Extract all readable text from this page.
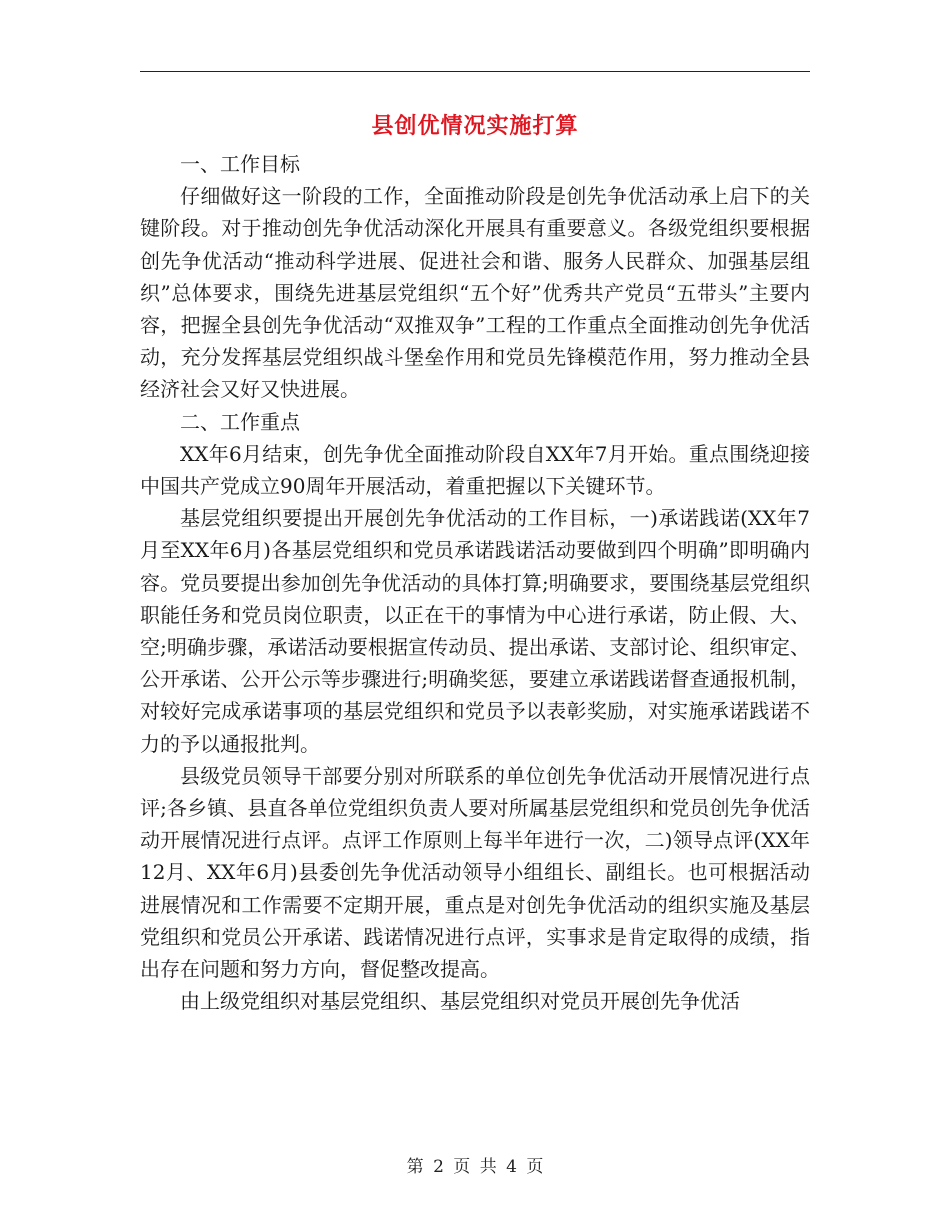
县创优情况实施打算

一、工作目标

仔细做好这一阶段的工作，全面推动阶段是创先争优活动承上启下的关键阶段。对于推动创先争优活动深化开展具有重要意义。各级党组织要根据创先争优活动“推动科学进展、促进社会和谐、服务人民群众、加强基层组织”总体要求，围绕先进基层党组织“五个好”优秀共产党员“五带头”主要内容，把握全县创先争优活动“双推双争”工程的工作重点全面推动创先争优活动，充分发挥基层党组织战斗堡垒作用和党员先锋模范作用，努力推动全县经济社会又好又快进展。

二、工作重点

XX年6月结束，创先争优全面推动阶段自XX年7月开始。重点围绕迎接中国共产党成立90周年开展活动，着重把握以下关键环节。

基层党组织要提出开展创先争优活动的工作目标，一)承诺践诺(XX年7月至XX年6月)各基层党组织和党员承诺践诺活动要做到四个明确”即明确内容。党员要提出参加创先争优活动的具体打算;明确要求，要围绕基层党组织职能任务和党员岗位职责，以正在干的事情为中心进行承诺，防止假、大、空;明确步骤，承诺活动要根据宣传动员、提出承诺、支部讨论、组织审定、公开承诺、公开公示等步骤进行;明确奖惩，要建立承诺践诺督查通报机制，对较好完成承诺事项的基层党组织和党员予以表彰奖励，对实施承诺践诺不力的予以通报批判。

县级党员领导干部要分别对所联系的单位创先争优活动开展情况进行点评;各乡镇、县直各单位党组织负责人要对所属基层党组织和党员创先争优活动开展情况进行点评。点评工作原则上每半年进行一次，二)领导点评(XX年12月、XX年6月)县委创先争优活动领导小组组长、副组长。也可根据活动进展情况和工作需要不定期开展，重点是对创先争优活动的组织实施及基层党组织和党员公开承诺、践诺情况进行点评，实事求是肯定取得的成绩，指出存在问题和努力方向，督促整改提高。

由上级党组织对基层党组织、基层党组织对党员开展创先争优活

第 2 页 共 4 页
